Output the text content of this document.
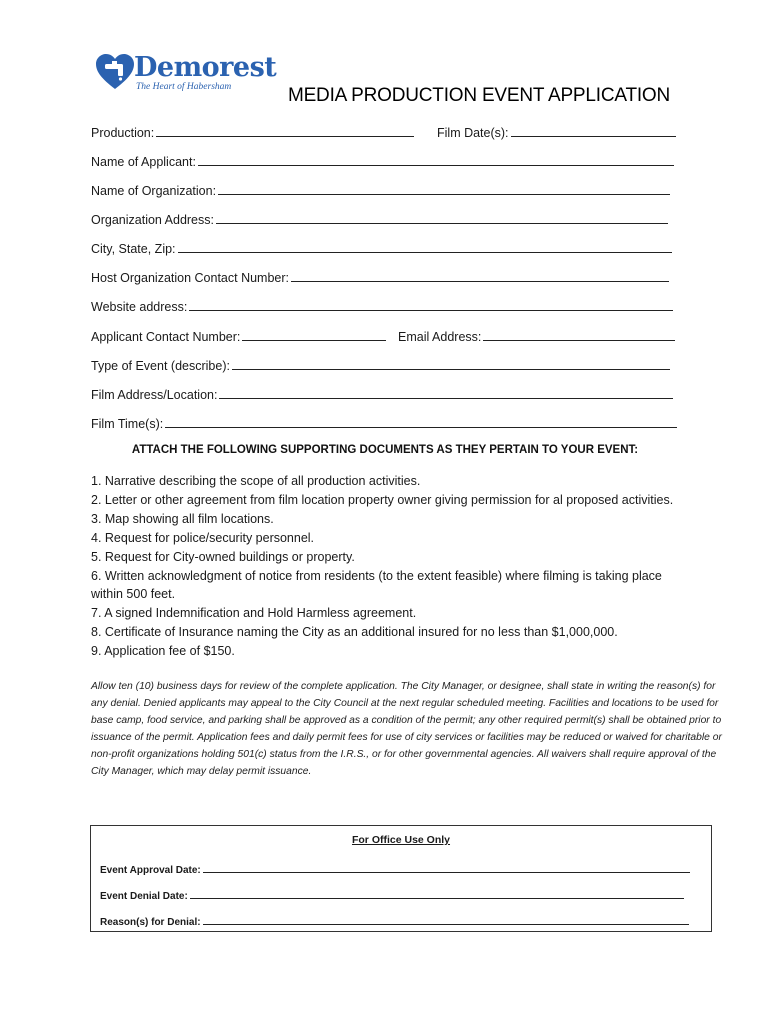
Demorest
The Heart of Habersham	MEDIA PRODUCTION EVENT APPLICATION
Production:	Film Date(s):
Name of Applicant:
Name of Organization:
Organization Address:
City, State, Zip:
Host Organization Contact Number:
Website address:
Applicant Contact Number:	Email Address:
Type of Event (describe):
Film Address/Location:
Film Time(s):
ATTACH THE FOLLOWING SUPPORTING DOCUMENTS AS THEY PERTAIN TO YOUR EVENT:
1. Narrative describing the scope of all production activities.
2. Letter or other agreement from film location property owner giving permission for al proposed activities.
3. Map showing all film locations.
4. Request for police/security personnel.
5. Request for City-owned buildings or property.
6. Written acknowledgment of notice from residents (to the extent feasible) where filming is taking place within 500 feet.
7. A signed Indemnification and Hold Harmless agreement.
8. Certificate of Insurance naming the City as an additional insured for no less than $1,000,000.
9. Application fee of $150.

Allow ten (10) business days for review of the complete application. The City Manager, or designee, shall state in writing the reason(s) for any denial. Denied applicants may appeal to the City Council at the next regular scheduled meeting. Facilities and locations to be used for base camp, food service, and parking shall be approved as a condition of the permit; any other required permit(s) shall be obtained prior to issuance of the permit. Application fees and daily permit fees for use of city services or facilities may be reduced or waived for charitable or non-profit organizations holding 501(c) status from the I.R.S., or for other governmental agencies. All waivers shall require approval of the City Manager, which may delay permit issuance.

For Office Use Only
Event Approval Date:
Event Denial Date:
Reason(s) for Denial:
